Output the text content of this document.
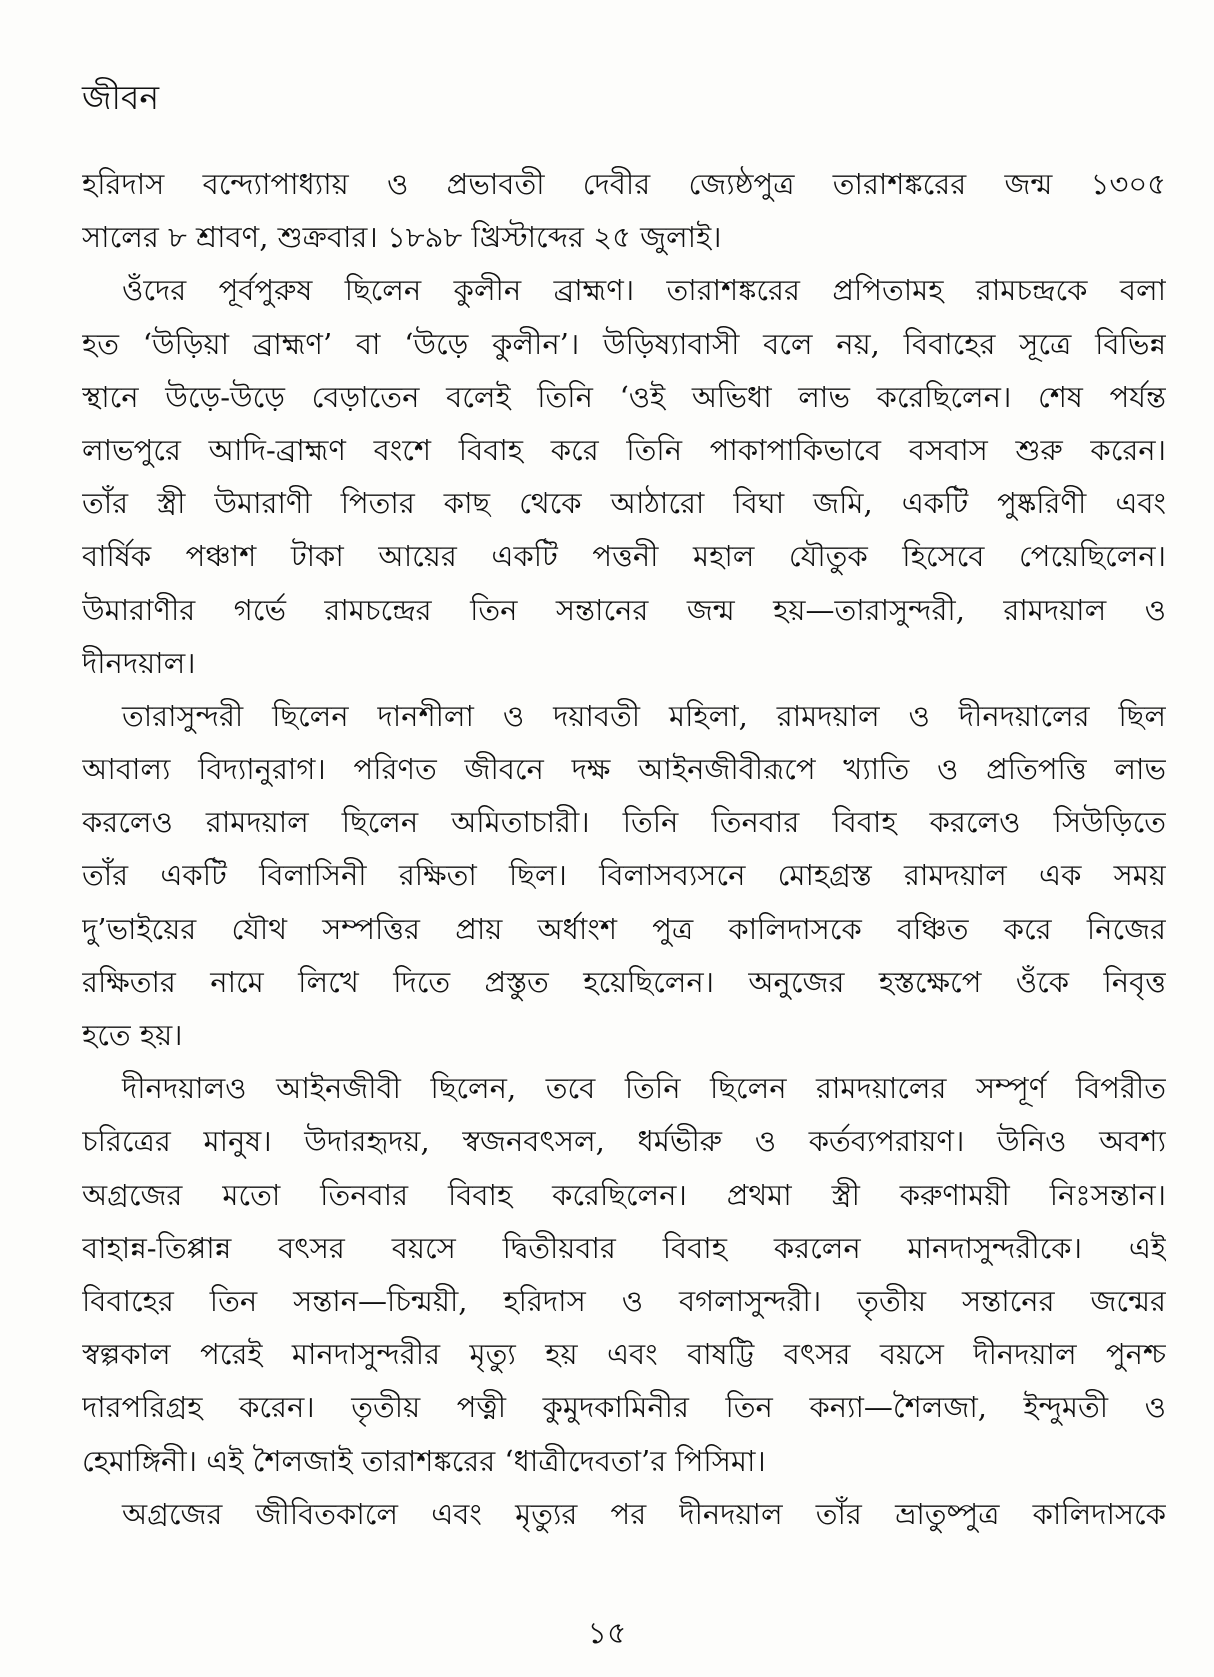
জীবন
হরিদাস বন্দ্যোপাধ্যায় ও প্রভাবতী দেবীর জ্যেষ্ঠপুত্র তারাশঙ্করের জন্ম ১৩০৫
সালের ৮ শ্রাবণ, শুক্রবার। ১৮৯৮ খ্রিস্টাব্দের ২৫ জুলাই।
ওঁদের পূর্বপুরুষ ছিলেন কুলীন ব্রাহ্মণ। তারাশঙ্করের প্রপিতামহ রামচন্দ্রকে বলা
হত ‘উড়িয়া ব্রাহ্মণ’ বা ‘উড়ে কুলীন’। উড়িষ্যাবাসী বলে নয়, বিবাহের সূত্রে বিভিন্ন
স্থানে উড়ে-উড়ে বেড়াতেন বলেই তিনি ‘ওই অভিধা লাভ করেছিলেন। শেষ পর্যন্ত
লাভপুরে আদি-ব্রাহ্মণ বংশে বিবাহ করে তিনি পাকাপাকিভাবে বসবাস শুরু করেন।
তাঁর স্ত্রী উমারাণী পিতার কাছ থেকে আঠারো বিঘা জমি, একটি পুষ্করিণী এবং
বার্ষিক পঞ্চাশ টাকা আয়ের একটি পত্তনী মহাল যৌতুক হিসেবে পেয়েছিলেন।
উমারাণীর গর্ভে রামচন্দ্রের তিন সন্তানের জন্ম হয়—তারাসুন্দরী, রামদয়াল ও
দীনদয়াল।
তারাসুন্দরী ছিলেন দানশীলা ও দয়াবতী মহিলা, রামদয়াল ও দীনদয়ালের ছিল
আবাল্য বিদ্যানুরাগ। পরিণত জীবনে দক্ষ আইনজীবীরূপে খ্যাতি ও প্রতিপত্তি লাভ
করলেও রামদয়াল ছিলেন অমিতাচারী। তিনি তিনবার বিবাহ করলেও সিউড়িতে
তাঁর একটি বিলাসিনী রক্ষিতা ছিল। বিলাসব্যসনে মোহগ্রস্ত রামদয়াল এক সময়
দু’ভাইয়ের যৌথ সম্পত্তির প্রায় অর্ধাংশ পুত্র কালিদাসকে বঞ্চিত করে নিজের
রক্ষিতার নামে লিখে দিতে প্রস্তুত হয়েছিলেন। অনুজের হস্তক্ষেপে ওঁকে নিবৃত্ত
হতে হয়।
দীনদয়ালও আইনজীবী ছিলেন, তবে তিনি ছিলেন রামদয়ালের সম্পূর্ণ বিপরীত
চরিত্রের মানুষ। উদারহৃদয়, স্বজনবৎসল, ধর্মভীরু ও কর্তব্যপরায়ণ। উনিও অবশ্য
অগ্রজের মতো তিনবার বিবাহ করেছিলেন। প্রথমা স্ত্রী করুণাময়ী নিঃসন্তান।
বাহান্ন-তিপ্পান্ন বৎসর বয়সে দ্বিতীয়বার বিবাহ করলেন মানদাসুন্দরীকে। এই
বিবাহের তিন সন্তান—চিন্ময়ী, হরিদাস ও বগলাসুন্দরী। তৃতীয় সন্তানের জন্মের
স্বল্পকাল পরেই মানদাসুন্দরীর মৃত্যু হয় এবং বাষট্টি বৎসর বয়সে দীনদয়াল পুনশ্চ
দারপরিগ্রহ করেন। তৃতীয় পত্নী কুমুদকামিনীর তিন কন্যা—শৈলজা, ইন্দুমতী ও
হেমাঙ্গিনী। এই শৈলজাই তারাশঙ্করের ‘ধাত্রীদেবতা’র পিসিমা।
অগ্রজের জীবিতকালে এবং মৃত্যুর পর দীনদয়াল তাঁর ভ্রাতুষ্পুত্র কালিদাসকে
১৫
